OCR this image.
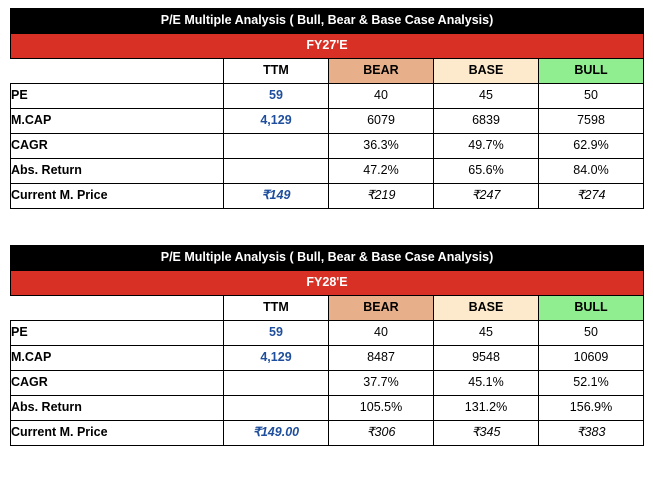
P/E Multiple Analysis ( Bull, Bear & Base Case Analysis)				
FY27'E				
	TTM	BEAR	BASE	BULL
PE	59	40	45	50
M.CAP	4,129	6079	6839	7598
CAGR		36.3%	49.7%	62.9%
Abs. Return		47.2%	65.6%	84.0%
Current M. Price	₹149	₹219	₹247	₹274
P/E Multiple Analysis ( Bull, Bear & Base Case Analysis)				
FY28'E				
	TTM	BEAR	BASE	BULL
PE	59	40	45	50
M.CAP	4,129	8487	9548	10609
CAGR		37.7%	45.1%	52.1%
Abs. Return		105.5%	131.2%	156.9%
Current M. Price	₹149.00	₹306	₹345	₹383
